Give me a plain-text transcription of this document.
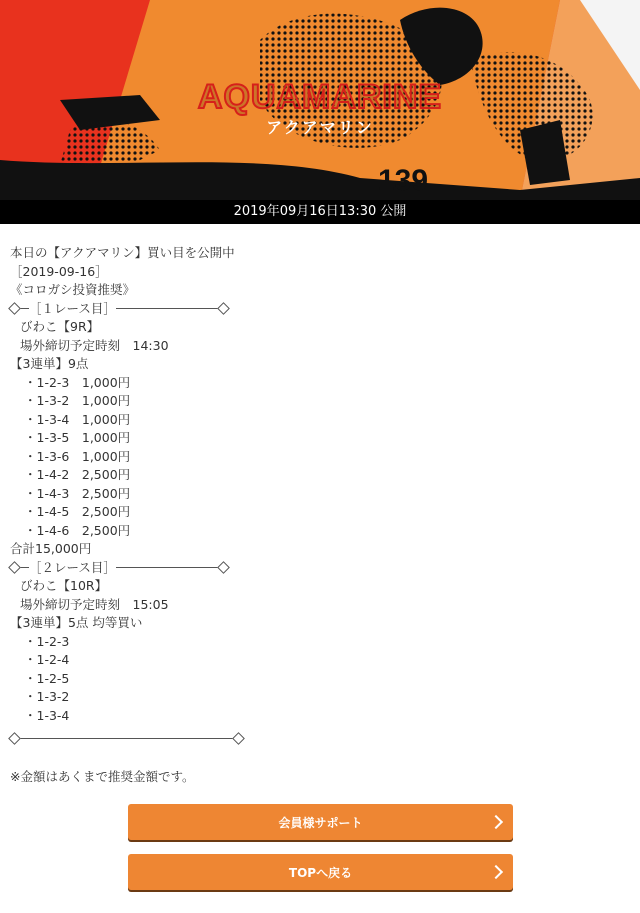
139
AQUAMARINE
アクアマリン
2019年09月16日13:30 公開
本日の【アクアマリン】買い目を公開中
［2019-09-16］
《コロガシ投資推奨》
［１レース目］
びわこ【9R】
場外締切予定時刻　14:30
【3連単】9点
・1-2-3　1,000円
・1-3-2　1,000円
・1-3-4　1,000円
・1-3-5　1,000円
・1-3-6　1,000円
・1-4-2　2,500円
・1-4-3　2,500円
・1-4-5　2,500円
・1-4-6　2,500円
合計15,000円
［２レース目］
びわこ【10R】
場外締切予定時刻　15:05
【3連単】5点 均等買い
・1-2-3
・1-2-4
・1-2-5
・1-3-2
・1-3-4
※金額はあくまで推奨金額です。
会員様サポート
TOPへ戻る
